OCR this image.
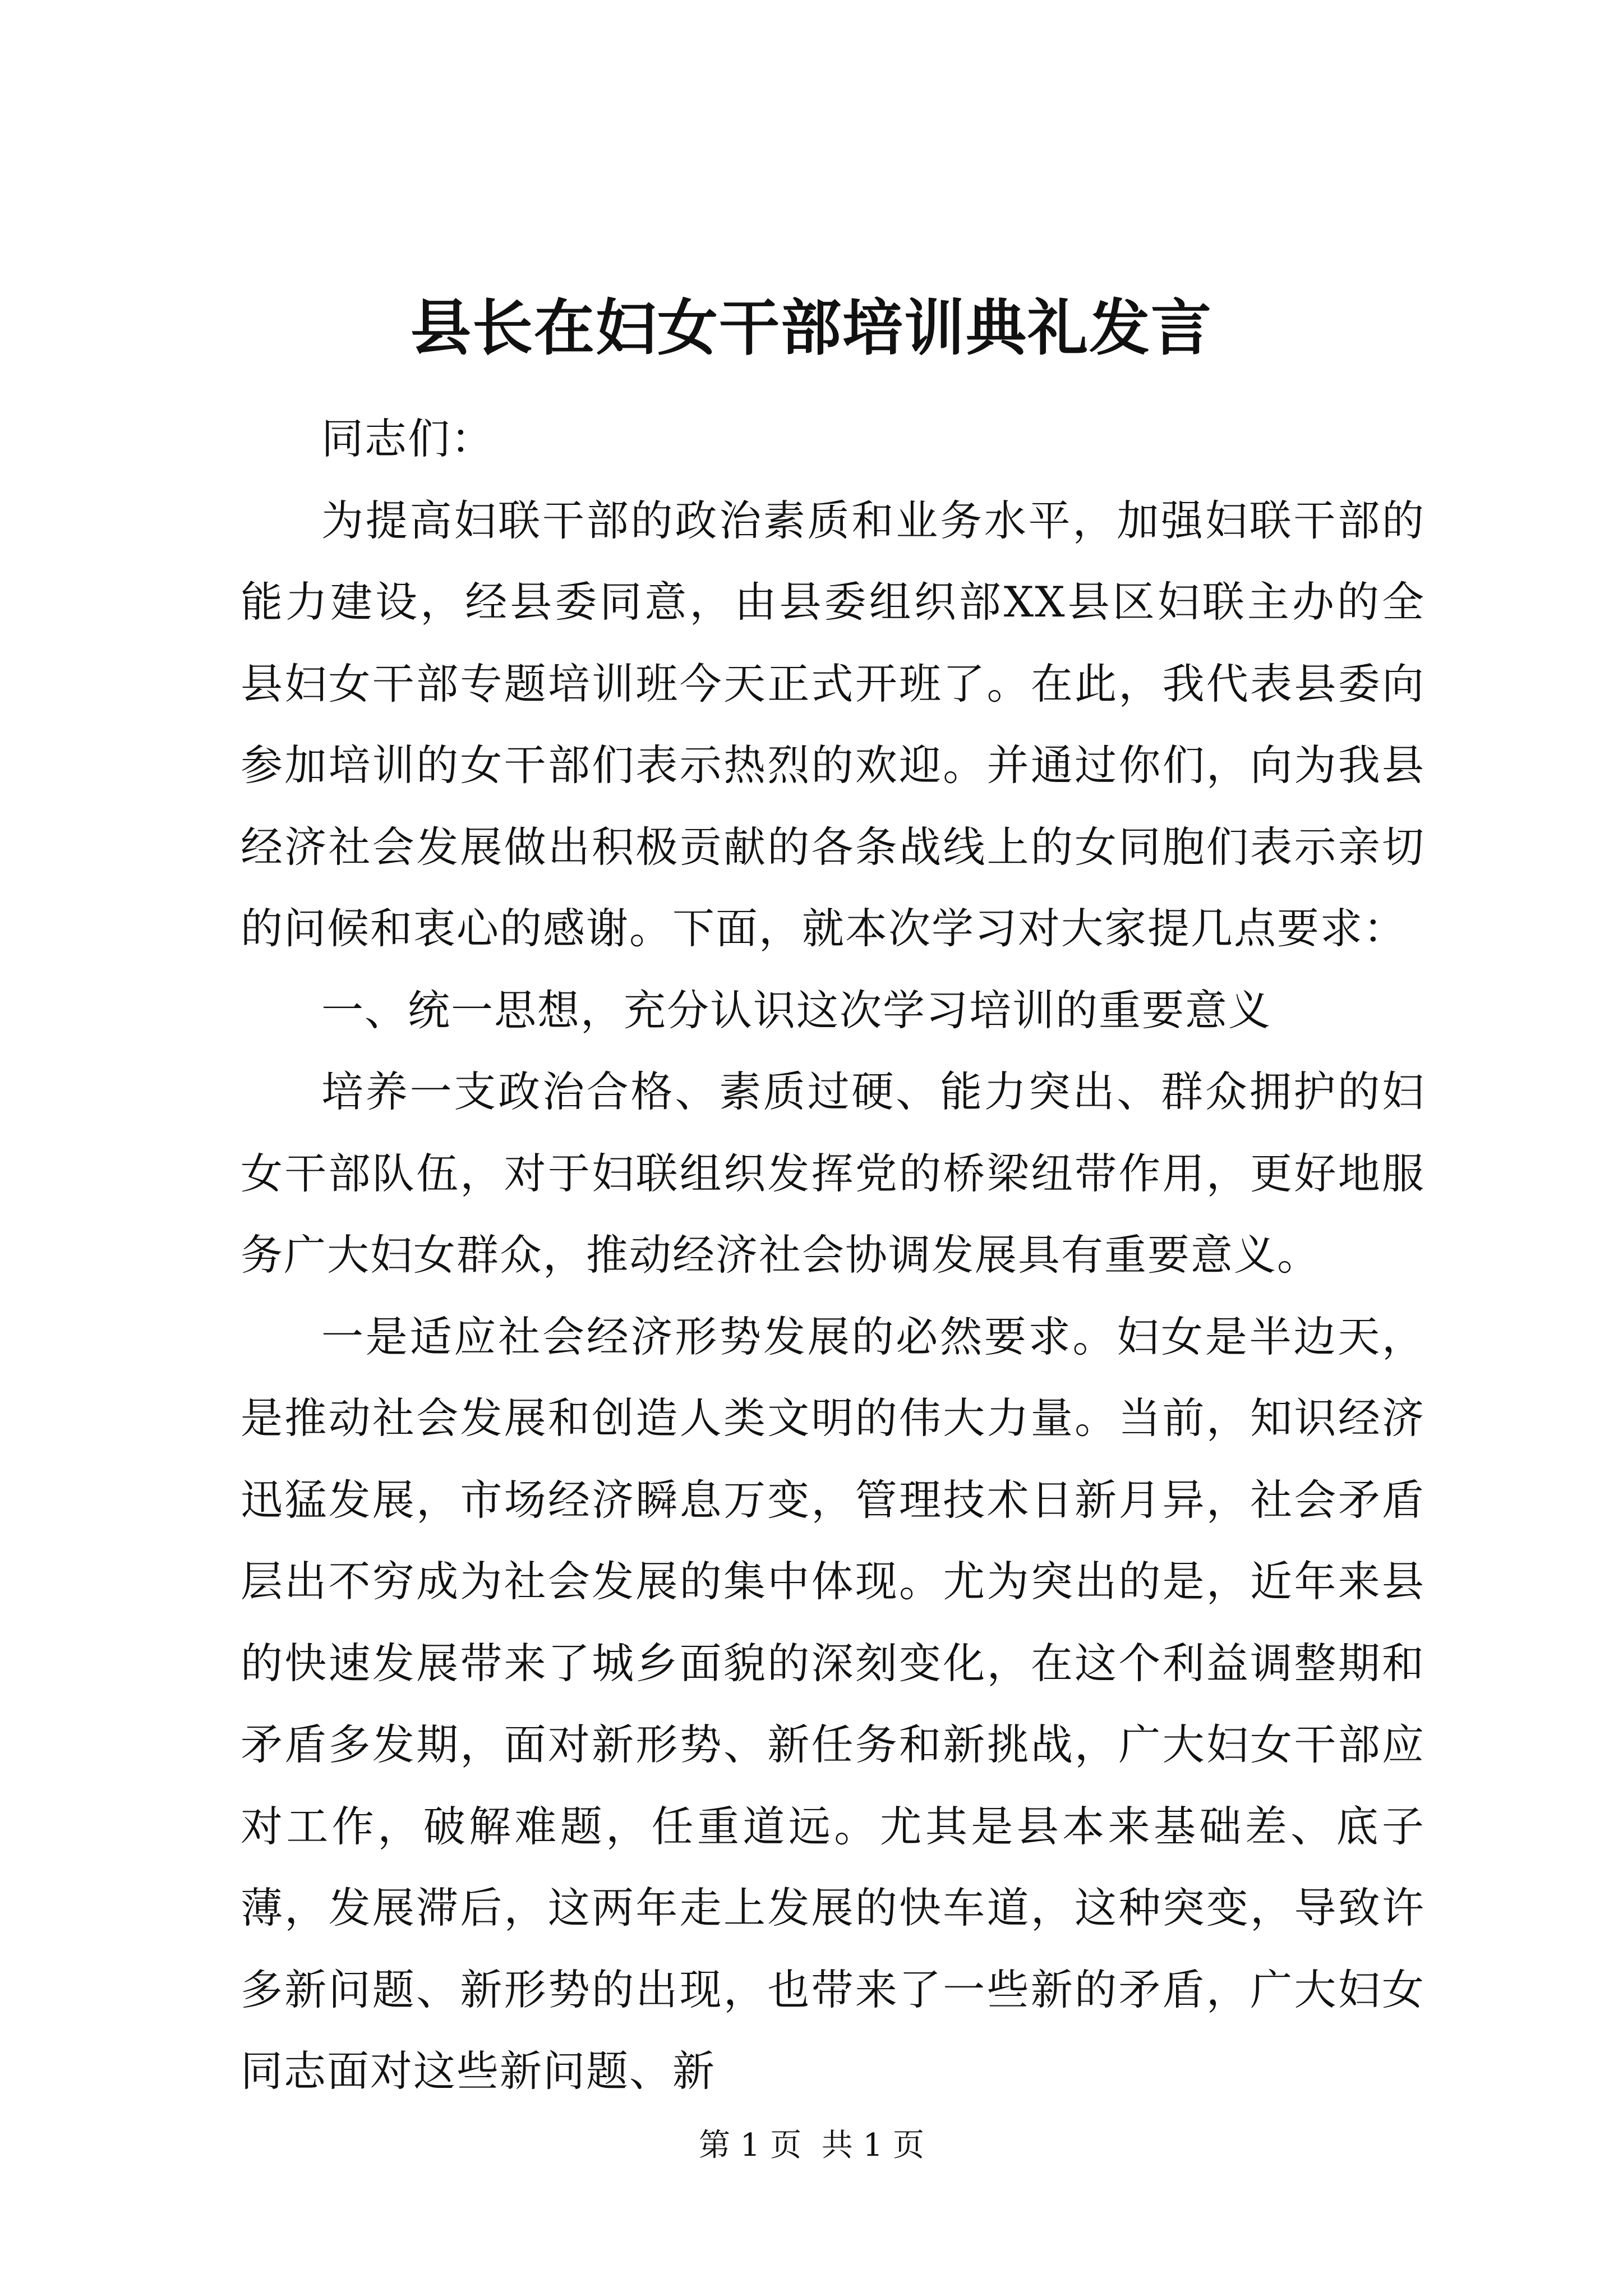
县长在妇女干部培训典礼发言

同志们：

为提高妇联干部的政治素质和业务水平，加强妇联干部的能力建设，经县委同意，由县委组织部XX县区妇联主办的全县妇女干部专题培训班今天正式开班了。在此，我代表县委向参加培训的女干部们表示热烈的欢迎。并通过你们，向为我县经济社会发展做出积极贡献的各条战线上的女同胞们表示亲切的问候和衷心的感谢。下面，就本次学习对大家提几点要求：

一、统一思想，充分认识这次学习培训的重要意义

培养一支政治合格、素质过硬、能力突出、群众拥护的妇女干部队伍，对于妇联组织发挥党的桥梁纽带作用，更好地服务广大妇女群众，推动经济社会协调发展具有重要意义。

一是适应社会经济形势发展的必然要求。妇女是半边天，是推动社会发展和创造人类文明的伟大力量。当前，知识经济迅猛发展，市场经济瞬息万变，管理技术日新月异，社会矛盾层出不穷成为社会发展的集中体现。尤为突出的是，近年来县的快速发展带来了城乡面貌的深刻变化，在这个利益调整期和矛盾多发期，面对新形势、新任务和新挑战，广大妇女干部应对工作，破解难题，任重道远。尤其是县本来基础差、底子薄，发展滞后，这两年走上发展的快车道，这种突变，导致许多新问题、新形势的出现，也带来了一些新的矛盾，广大妇女同志面对这些新问题、新

第 1 页  共 1 页
